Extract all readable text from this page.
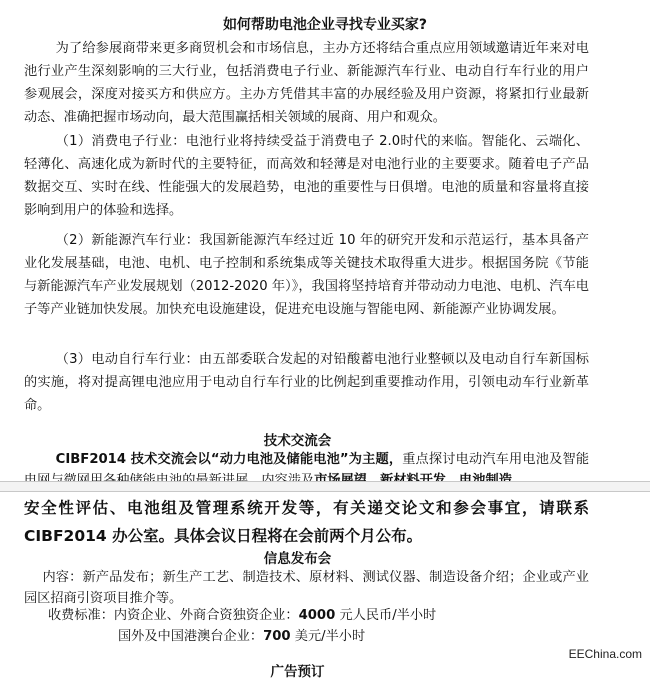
如何帮助电池企业寻找专业买家?

为了给参展商带来更多商贸机会和市场信息，主办方还将结合重点应用领域邀请近年来对电池行业产生深刻影响的三大行业，包括消费电子行业、新能源汽车行业、电动自行车行业的用户参观展会，深度对接买方和供应方。主办方凭借其丰富的办展经验及用户资源，将紧扣行业最新动态、准确把握市场动向，最大范围赢括相关领域的展商、用户和观众。

（1）消费电子行业：电池行业将持续受益于消费电子 2.0时代的来临。智能化、云端化、轻薄化、高速化成为新时代的主要特征，而高效和轻薄是对电池行业的主要要求。随着电子产品数据交互、实时在线、性能强大的发展趋势，电池的重要性与日俱增。电池的质量和容量将直接影响到用户的体验和选择。

（2）新能源汽车行业：我国新能源汽车经过近 10 年的研究开发和示范运行，基本具备产业化发展基础，电池、电机、电子控制和系统集成等关键技术取得重大进步。根据国务院《节能与新能源汽车产业发展规划（2012-2020 年）》，我国将坚持培育并带动动力电池、电机、汽车电子等产业链加快发展。加快充电设施建设，促进充电设施与智能电网、新能源产业协调发展。

（3）电动自行车行业：由五部委联合发起的对铅酸蓄电池行业整顿以及电动自行车新国标的实施，将对提高锂电池应用于电动自行车行业的比例起到重要推动作用，引领电动车行业新革命。

技术交流会

CIBF2014 技术交流会以“动力电池及储能电池”为主题，重点探讨电动汽车用电池及智能

安全性评估、电池组及管理系统开发等，有关递交论文和参会事宜，请联系 CIBF2014 办公室。具体会议日程将在会前两个月公布。

信息发布会

内容：新产品发布；新生产工艺、制造技术、原材料、测试仪器、制造设备介绍；企业或产业园区招商引资项目推介等。

收费标准：内资企业、外商合资独资企业：4000 元人民币/半小时

国外及中国港澳台企业：700 美元/半小时

广告预订
EEChina.com
